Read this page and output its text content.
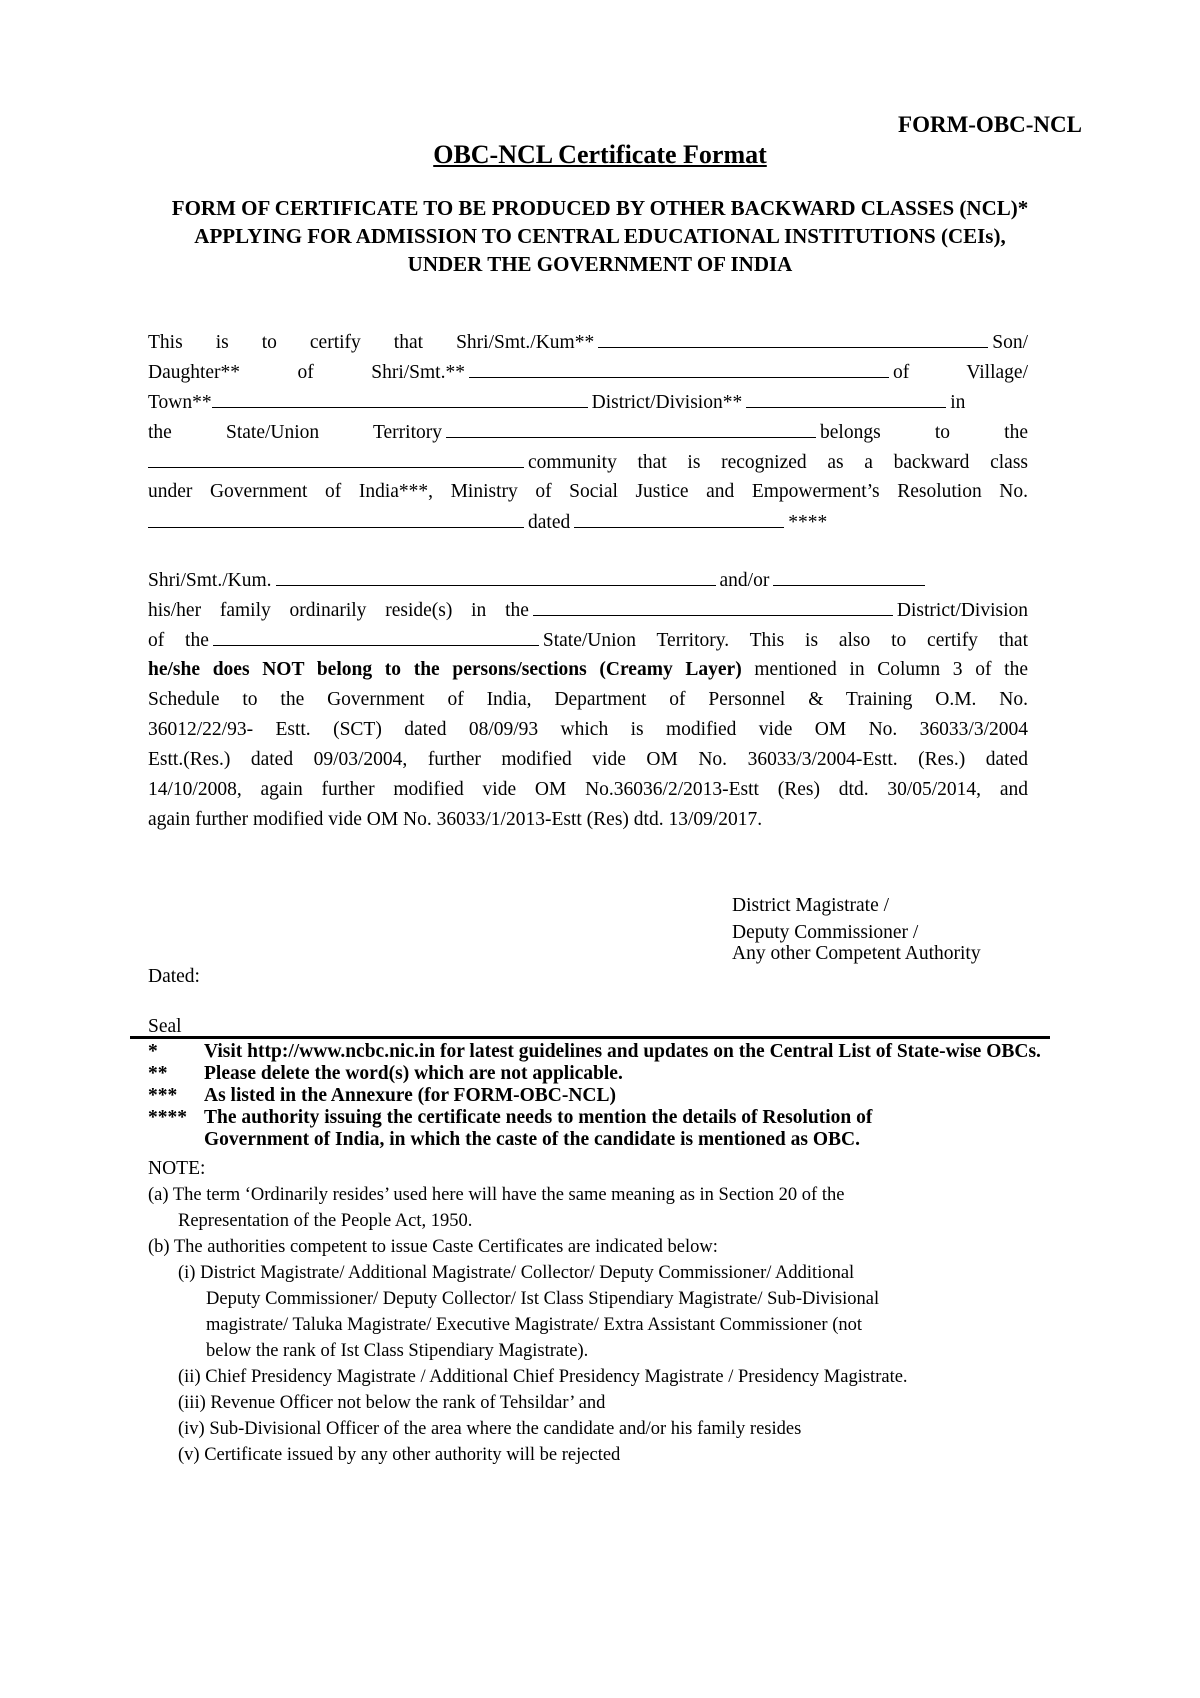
FORM-OBC-NCL
OBC-NCL Certificate Format
FORM OF CERTIFICATE TO BE PRODUCED BY OTHER BACKWARD CLASSES (NCL)* APPLYING FOR ADMISSION TO CENTRAL EDUCATIONAL INSTITUTIONS (CEIs), UNDER THE GOVERNMENT OF INDIA
This is to certify that Shri/Smt./Kum**	Son/
Daughter** of Shri/Smt.**	of Village/
Town**	District/Division**	in
the State/Union Territory	belongs to the
community that is recognized as a backward class
under Government of India***, Ministry of Social Justice and Empowerment’s Resolution No.
dated	****
Shri/Smt./Kum.	and/or
his/her family ordinarily reside(s) in the	District/Division
of the	State/Union Territory. This is also to certify that
he/she does NOT belong to the persons/sections (Creamy Layer) mentioned in Column 3 of the
Schedule to the Government of India, Department of Personnel & Training O.M. No.
36012/22/93- Estt. (SCT) dated 08/09/93 which is modified vide OM No. 36033/3/2004
Estt.(Res.) dated 09/03/2004, further modified vide OM No. 36033/3/2004-Estt. (Res.) dated
14/10/2008, again further modified vide OM No.36036/2/2013-Estt (Res) dtd. 30/05/2014, and
again further modified vide OM No. 36033/1/2013-Estt (Res) dtd. 13/09/2017.
District Magistrate /
Deputy Commissioner /
Any other Competent Authority
Dated:
Seal
* Visit http://www.ncbc.nic.in for latest guidelines and updates on the Central List of State-wise OBCs.
** Please delete the word(s) which are not applicable.
*** As listed in the Annexure (for FORM-OBC-NCL)
**** The authority issuing the certificate needs to mention the details of Resolution of
Government of India, in which the caste of the candidate is mentioned as OBC.
NOTE:
(a) The term ‘Ordinarily resides’ used here will have the same meaning as in Section 20 of the
Representation of the People Act, 1950.
(b) The authorities competent to issue Caste Certificates are indicated below:
(i) District Magistrate/ Additional Magistrate/ Collector/ Deputy Commissioner/ Additional
Deputy Commissioner/ Deputy Collector/ Ist Class Stipendiary Magistrate/ Sub-Divisional
magistrate/ Taluka Magistrate/ Executive Magistrate/ Extra Assistant Commissioner (not
below the rank of Ist Class Stipendiary Magistrate).
(ii) Chief Presidency Magistrate / Additional Chief Presidency Magistrate / Presidency Magistrate.
(iii) Revenue Officer not below the rank of Tehsildar’ and
(iv) Sub-Divisional Officer of the area where the candidate and/or his family resides
(v) Certificate issued by any other authority will be rejected
